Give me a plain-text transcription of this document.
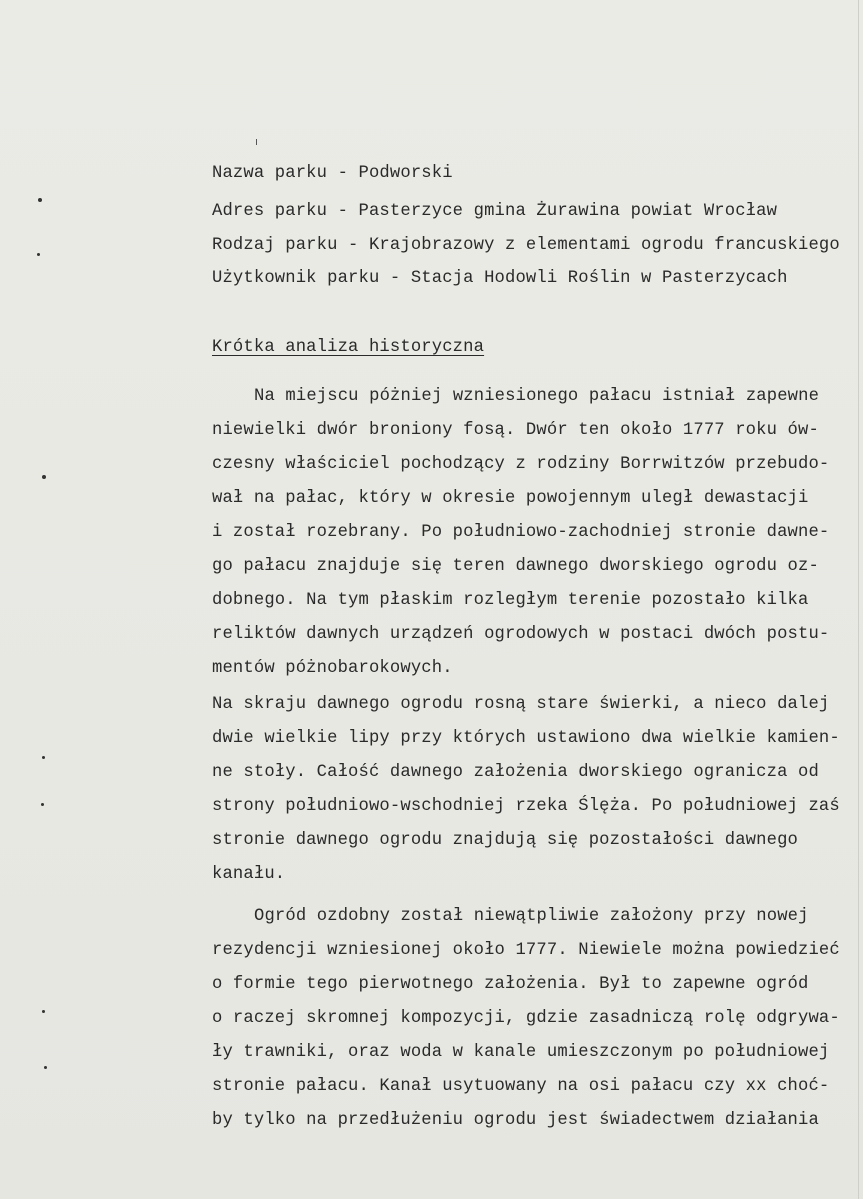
Nazwa parku - Podworski
Adres parku - Pasterzyce gmina Żurawina powiat Wrocław
Rodzaj parku - Krajobrazowy z elementami ogrodu francuskiego
Użytkownik parku - Stacja Hodowli Roślin w Pasterzycach
Krótka analiza historyczna
Na miejscu póżniej wzniesionego pałacu istniał zapewne
niewielki dwór broniony fosą. Dwór ten około 1777 roku ów-
czesny właściciel pochodzący z rodziny Borrwitzów przebudo-
wał na pałac, który w okresie powojennym uległ dewastacji
i został rozebrany. Po południowo-zachodniej stronie dawne-
go pałacu znajduje się teren dawnego dworskiego ogrodu oz-
dobnego. Na tym płaskim rozległym terenie pozostało kilka
reliktów dawnych urządzeń ogrodowych w postaci dwóch postu-
mentów póżnobarokowych.
Na skraju dawnego ogrodu rosną stare świerki, a nieco dalej
dwie wielkie lipy przy których ustawiono dwa wielkie kamien-
ne stoły. Całość dawnego założenia dworskiego ogranicza od
strony południowo-wschodniej rzeka Ślęża. Po południowej zaś
stronie dawnego ogrodu znajdują się pozostałości dawnego
kanału.
Ogród ozdobny został niewątpliwie założony przy nowej
rezydencji wzniesionej około 1777. Niewiele można powiedzieć
o formie tego pierwotnego założenia. Był to zapewne ogród
o raczej skromnej kompozycji, gdzie zasadniczą rolę odgrywa-
ły trawniki, oraz woda w kanale umieszczonym po południowej
stronie pałacu. Kanał usytuowany na osi pałacu czy xx choć-
by tylko na przedłużeniu ogrodu jest świadectwem działania
